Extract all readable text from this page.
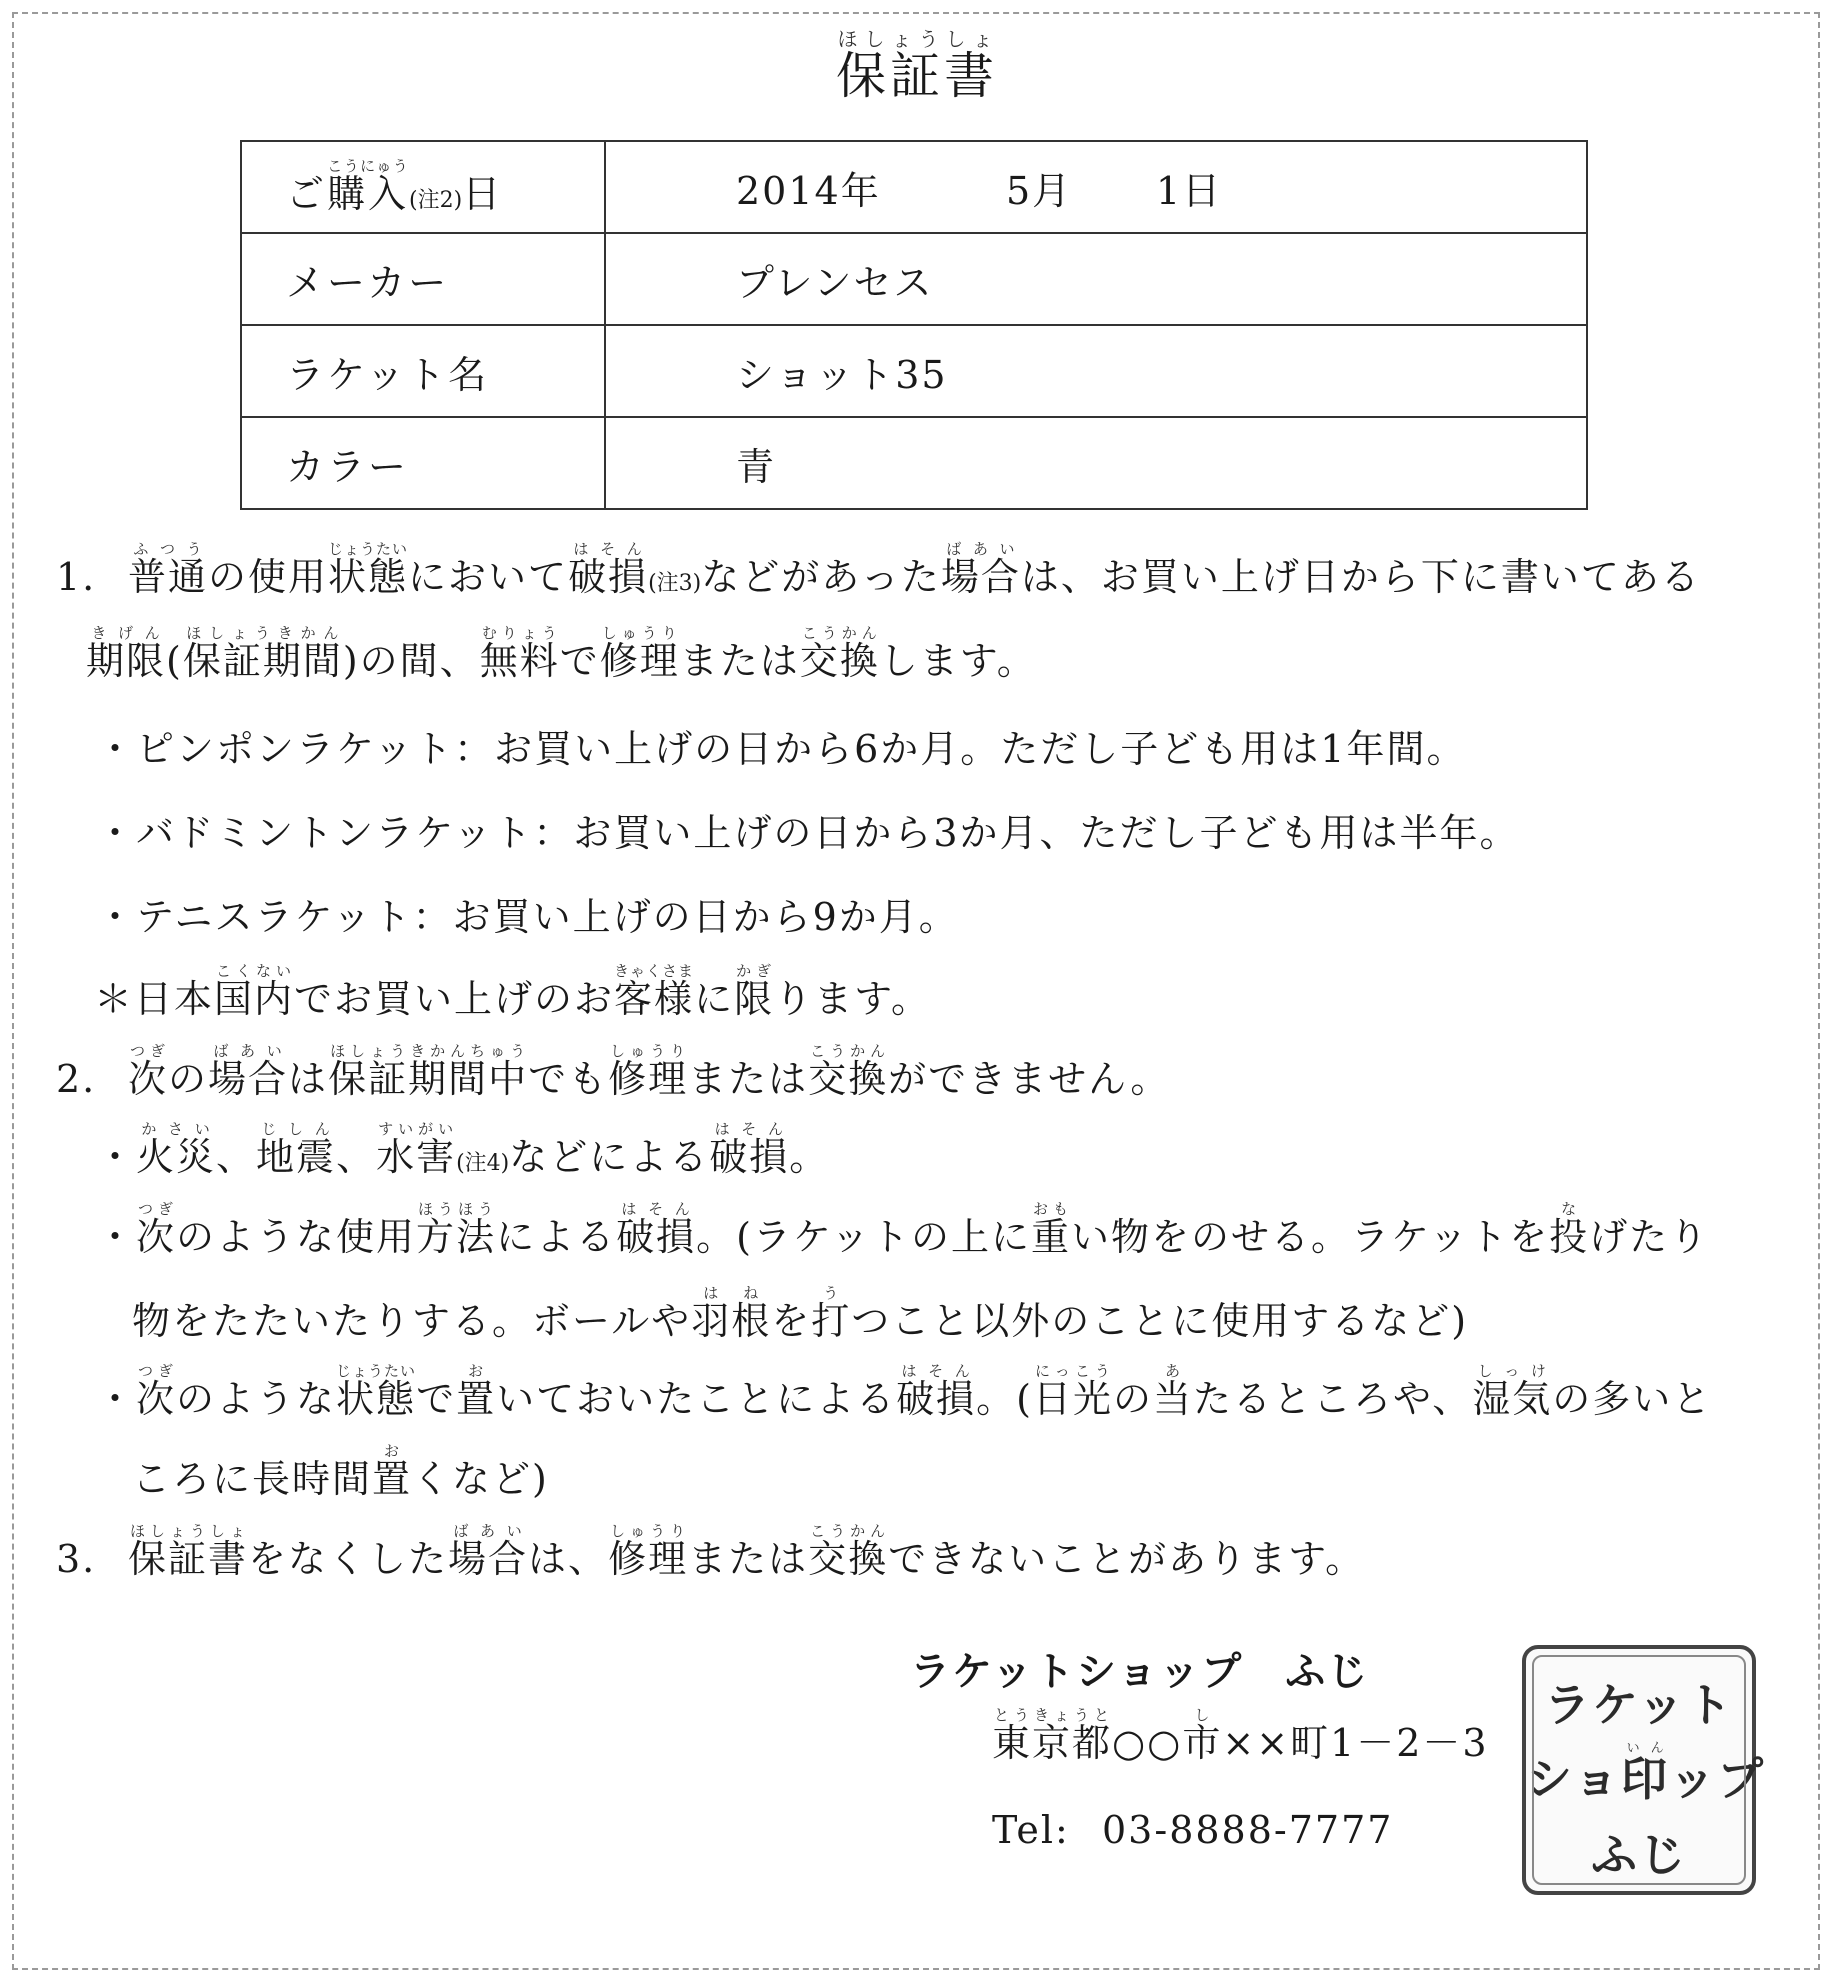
保証書ほしょうしょ
ご購入こうにゅう(注2)日	2014年 5月 1日
メーカー	プレンセス
ラケット名	ショット35
カラー	青
1. 普通ふつうの使用状態じょうたいにおいて破損はそん(注3)などがあった場合ばあいは、お買い上げ日から下に書いてある
期限きげん(保証期間ほしょうきかん)の間、無料むりょうで修理しゅうりまたは交換こうかんします。
・ピンポンラケット：お買い上げの日から6か月。ただし子ども用は1年間。
・バドミントンラケット：お買い上げの日から3か月、ただし子ども用は半年。
・テニスラケット：お買い上げの日から9か月。
＊日本国内こくないでお買い上げのお客様きゃくさまに限かぎります。
2. 次つぎの場合ばあいは保証期間中ほしょうきかんちゅうでも修理しゅうりまたは交換こうかんができません。
・火災かさい、地震じしん、水害すいがい(注4)などによる破損はそん。
・次つぎのような使用方法ほうほうによる破損はそん。(ラケットの上に重おもい物をのせる。ラケットを投なげたり
物をたたいたりする。ボールや羽根はねを打うつこと以外のことに使用するなど)
・次つぎのような状態じょうたいで置おいておいたことによる破損はそん。(日光にっこうの当あたるところや、湿気しっけの多いと
ころに長時間置おくなど)
3. 保証書ほしょうしょをなくした場合ばあいは、修理しゅうりまたは交換こうかんできないことがあります。
ラケットショップ　ふじ
東京都とうきょうと○○市し××町1－2－3
Tel: 03-8888-7777
ラケット
ショ印いんップ
ふじ
